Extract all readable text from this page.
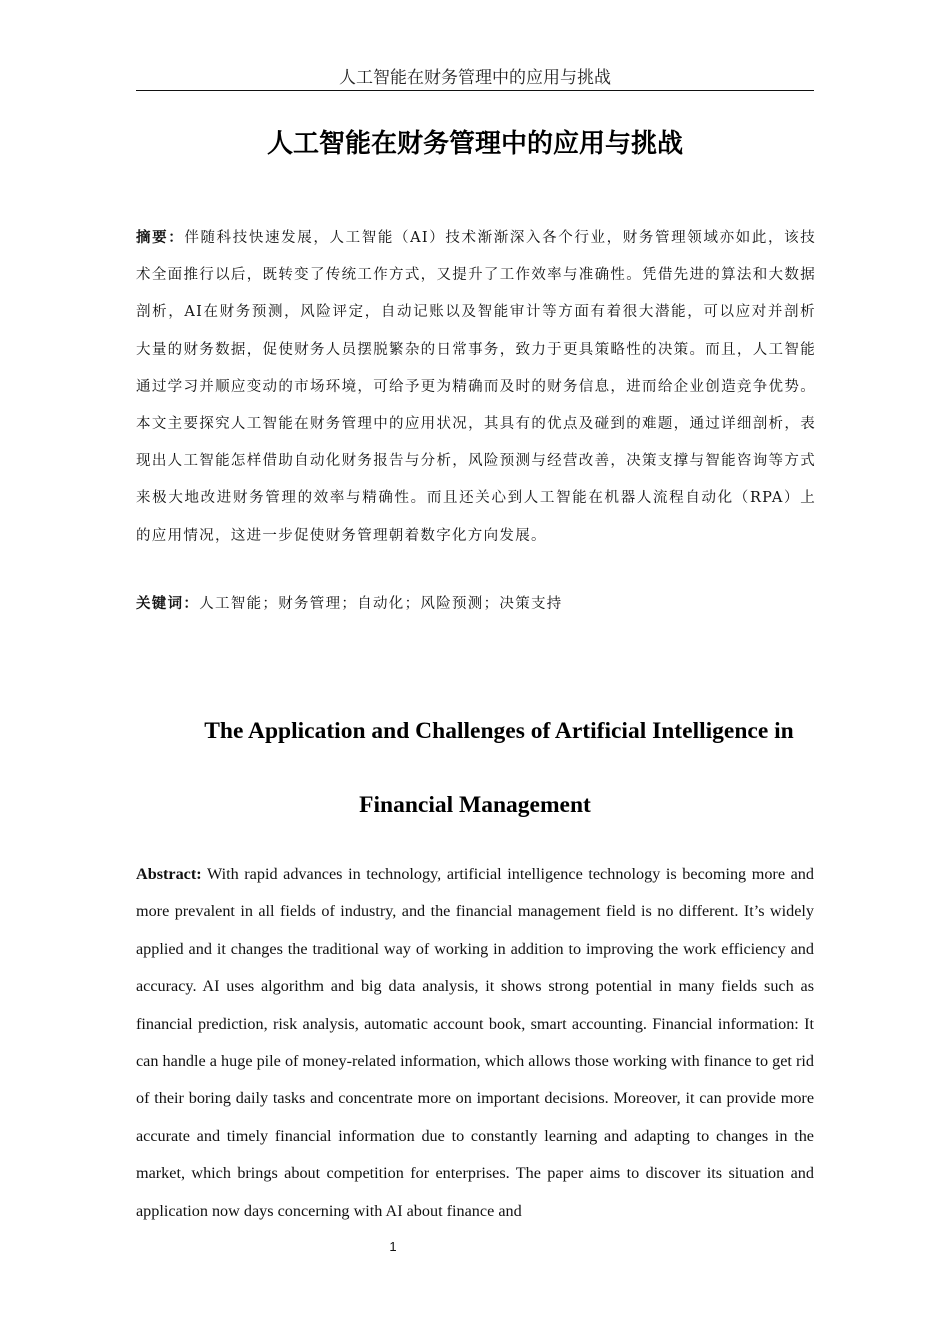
人工智能在财务管理中的应用与挑战
人工智能在财务管理中的应用与挑战
摘要：伴随科技快速发展，人工智能（AI）技术渐渐深入各个行业，财务管理领域亦如此，该技术全面推行以后，既转变了传统工作方式，又提升了工作效率与准确性。凭借先进的算法和大数据剖析，AI在财务预测，风险评定，自动记账以及智能审计等方面有着很大潜能，可以应对并剖析大量的财务数据，促使财务人员摆脱繁杂的日常事务，致力于更具策略性的决策。而且，人工智能通过学习并顺应变动的市场环境，可给予更为精确而及时的财务信息，进而给企业创造竞争优势。本文主要探究人工智能在财务管理中的应用状况，其具有的优点及碰到的难题，通过详细剖析，表现出人工智能怎样借助自动化财务报告与分析，风险预测与经营改善，决策支撑与智能咨询等方式来极大地改进财务管理的效率与精确性。而且还关心到人工智能在机器人流程自动化（RPA）上的应用情况，这进一步促使财务管理朝着数字化方向发展。
关键词：人工智能；财务管理；自动化；风险预测；决策支持
The Application and Challenges of Artificial Intelligence in
Financial Management
Abstract: With rapid advances in technology, artificial intelligence technology is becoming more and more prevalent in all fields of industry, and the financial management field is no different. It’s widely applied and it changes the traditional way of working in addition to improving the work efficiency and accuracy. AI uses algorithm and big data analysis, it shows strong potential in many fields such as financial prediction, risk analysis, automatic account book, smart accounting. Financial information: It can handle a huge pile of money-related information, which allows those working with finance to get rid of their boring daily tasks and concentrate more on important decisions. Moreover, it can provide more accurate and timely financial information due to constantly learning and adapting to changes in the market, which brings about competition for enterprises. The paper aims to discover its situation and application now days concerning with AI about finance and
1
